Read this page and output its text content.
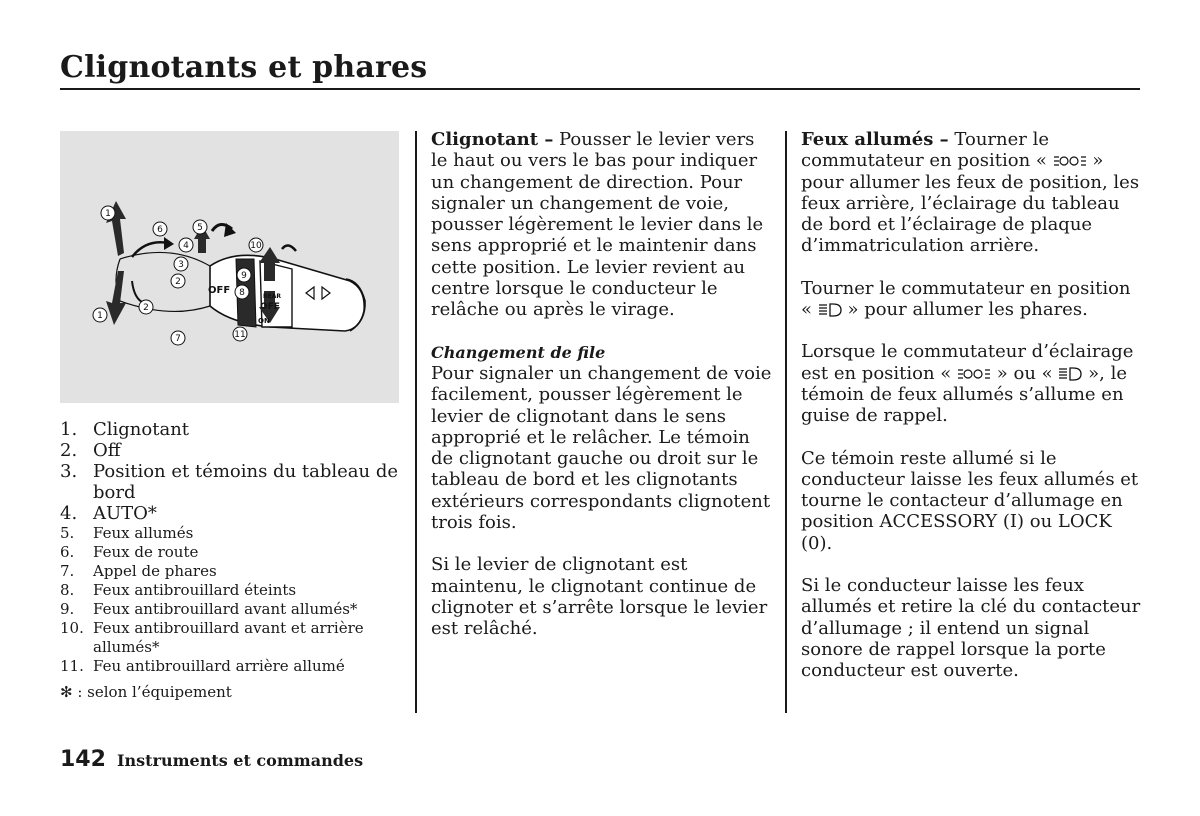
Clignotants et phares
1
1
7
2
6
4
5
3
2
9
8
10
11
OFF
REAR
OFF
ON
1. Clignotant
2. Off
3. Position et témoins du tableau de bord
4. AUTO*
5.	Feux allumés
6.	Feux de route
7.	Appel de phares
8.	Feux antibrouillard éteints
9.	Feux antibrouillard avant allumés*
10. Feux antibrouillard avant et arrière allumés*
11. Feu antibrouillard arrière allumé
✻ : selon l’équipement

Clignotant – Pousser le levier vers le haut ou vers le bas pour indiquer un changement de direction. Pour signaler un changement de voie, pousser légèrement le levier dans le sens approprié et le maintenir dans cette position. Le levier revient au centre lorsque le conducteur le relâche ou après le virage.

Changement de file

Pour signaler un changement de voie facilement, pousser légèrement le levier de clignotant dans le sens approprié et le relâcher. Le témoin de clignotant gauche ou droit sur le tableau de bord et les clignotants extérieurs correspondants clignotent trois fois.

Si le levier de clignotant est maintenu, le clignotant continue de clignoter et s’arrête lorsque le levier est relâché.

Feux allumés – Tourner le commutateur en position «  » pour allumer les feux de position, les feux arrière, l’éclairage du tableau de bord et l’éclairage de plaque d’immatriculation arrière.

Tourner le commutateur en position «  » pour allumer les phares.

Lorsque le commutateur d’éclairage est en position «  » ou «  », le témoin de feux allumés s’allume en guise de rappel.

Ce témoin reste allumé si le conducteur laisse les feux allumés et tourne le contacteur d’allumage en position ACCESSORY (I) ou LOCK (0).

Si le conducteur laisse les feux allumés et retire la clé du contacteur d’allumage ; il entend un signal sonore de rappel lorsque la porte conducteur est ouverte.

142 Instruments et commandes
